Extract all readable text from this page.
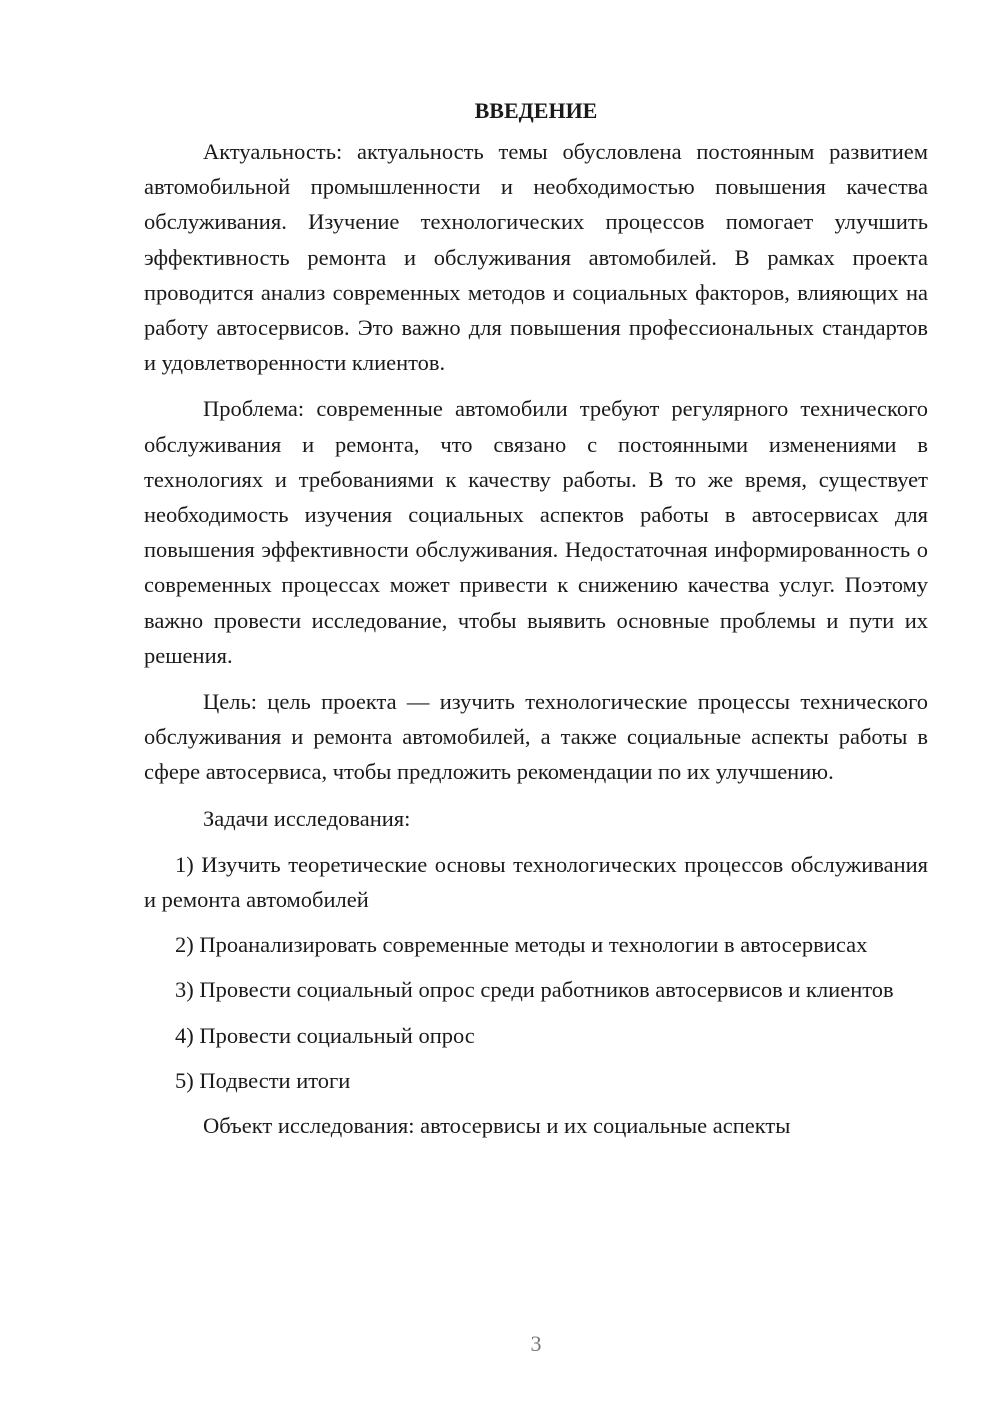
ВВЕДЕНИЕ

Актуальность: актуальность темы обусловлена постоянным развитием автомобильной промышленности и необходимостью повышения качества обслуживания. Изучение технологических процессов помогает улучшить эффективность ремонта и обслуживания автомобилей. В рамках проекта проводится анализ современных методов и социальных факторов, влияющих на работу автосервисов. Это важно для повышения профессиональных стандартов и удовлетворенности клиентов.

Проблема: современные автомобили требуют регулярного технического обслуживания и ремонта, что связано с постоянными изменениями в технологиях и требованиями к качеству работы. В то же время, существует необходимость изучения социальных аспектов работы в автосервисах для повышения эффективности обслуживания. Недостаточная информированность о современных процессах может привести к снижению качества услуг. Поэтому важно провести исследование, чтобы выявить основные проблемы и пути их решения.

Цель: цель проекта — изучить технологические процессы технического обслуживания и ремонта автомобилей, а также социальные аспекты работы в сфере автосервиса, чтобы предложить рекомендации по их улучшению.

Задачи исследования:

1) Изучить теоретические основы технологических процессов обслуживания и ремонта автомобилей

2) Проанализировать современные методы и технологии в автосервисах

3) Провести социальный опрос среди работников автосервисов и клиентов

4) Провести социальный опрос

5) Подвести итоги

Объект исследования: автосервисы и их социальные аспекты

3
